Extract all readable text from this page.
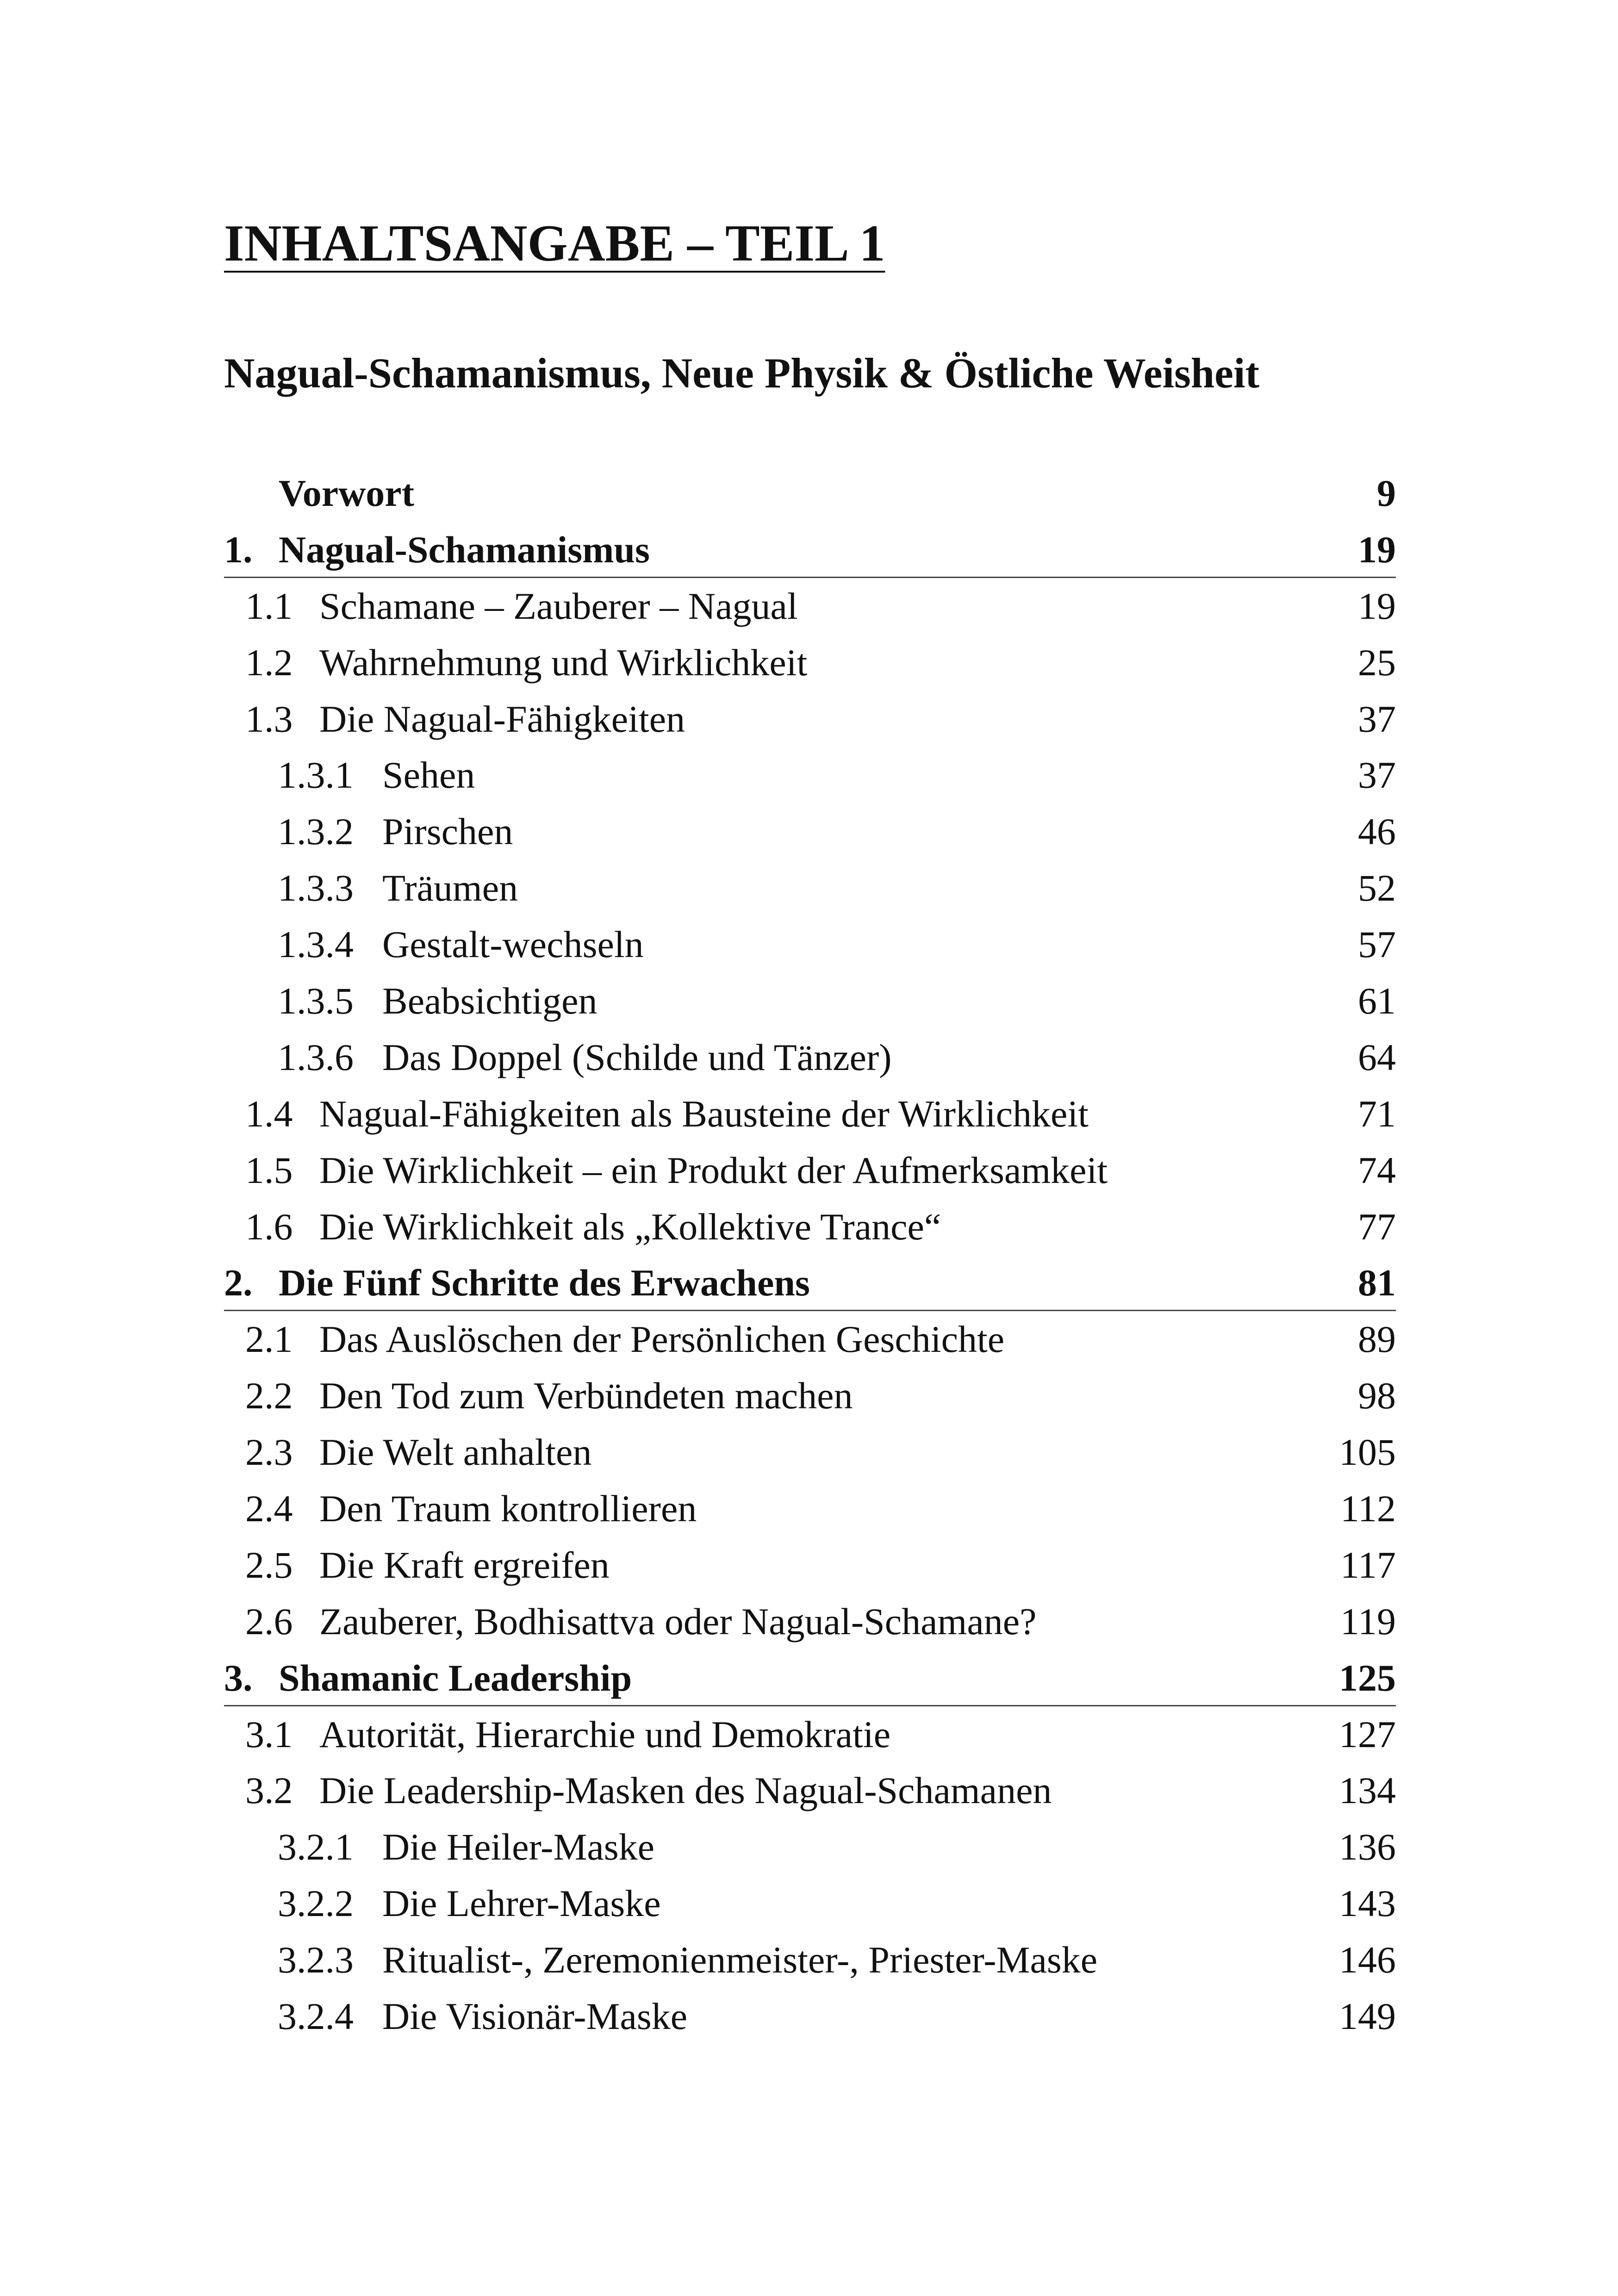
INHALTSANGABE – TEIL 1
Nagual-Schamanismus, Neue Physik & Östliche Weisheit
Vorwort	9
1. Nagual-Schamanismus	19
1.1 Schamane – Zauberer – Nagual	19
1.2 Wahrnehmung und Wirklichkeit	25
1.3 Die Nagual-Fähigkeiten	37
1.3.1 Sehen	37
1.3.2 Pirschen	46
1.3.3 Träumen	52
1.3.4 Gestalt-wechseln	57
1.3.5 Beabsichtigen	61
1.3.6 Das Doppel (Schilde und Tänzer)	64
1.4 Nagual-Fähigkeiten als Bausteine der Wirklichkeit	71
1.5 Die Wirklichkeit – ein Produkt der Aufmerksamkeit	74
1.6 Die Wirklichkeit als „Kollektive Trance“	77
2. Die Fünf Schritte des Erwachens	81
2.1 Das Auslöschen der Persönlichen Geschichte	89
2.2 Den Tod zum Verbündeten machen	98
2.3 Die Welt anhalten	105
2.4 Den Traum kontrollieren	112
2.5 Die Kraft ergreifen	117
2.6 Zauberer, Bodhisattva oder Nagual-Schamane?	119
3. Shamanic Leadership	125
3.1 Autorität, Hierarchie und Demokratie	127
3.2 Die Leadership-Masken des Nagual-Schamanen	134
3.2.1 Die Heiler-Maske	136
3.2.2 Die Lehrer-Maske	143
3.2.3 Ritualist-, Zeremonienmeister-, Priester-Maske	146
3.2.4 Die Visionär-Maske	149
